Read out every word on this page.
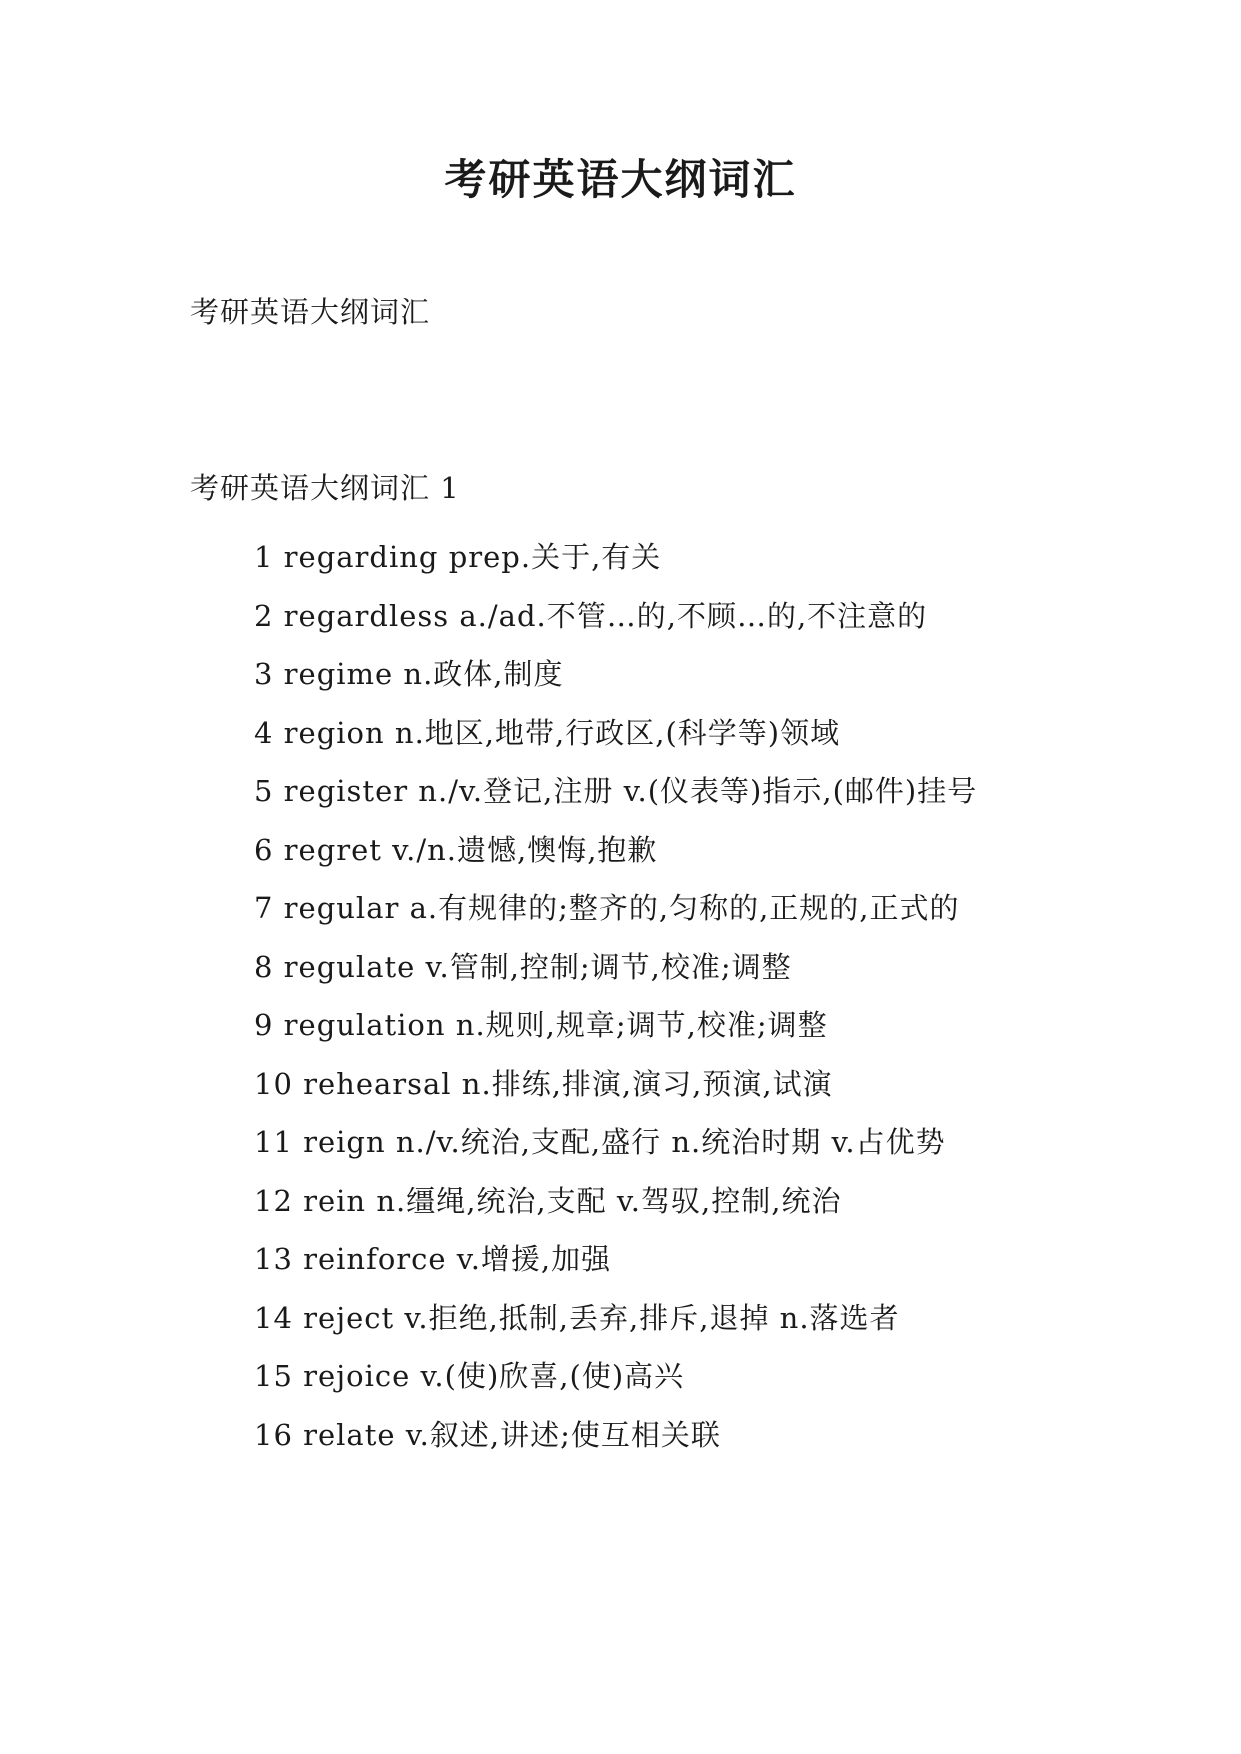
考研英语大纲词汇
考研英语大纲词汇
考研英语大纲词汇 1
1 regarding prep.关于,有关
2 regardless a./ad.不管…的,不顾…的,不注意的
3 regime n.政体,制度
4 region n.地区,地带,行政区,(科学等)领域
5 register n./v.登记,注册 v.(仪表等)指示,(邮件)挂号
6 regret v./n.遗憾,懊悔,抱歉
7 regular a.有规律的;整齐的,匀称的,正规的,正式的
8 regulate v.管制,控制;调节,校准;调整
9 regulation n.规则,规章;调节,校准;调整
10 rehearsal n.排练,排演,演习,预演,试演
11 reign n./v.统治,支配,盛行 n.统治时期 v.占优势
12 rein n.缰绳,统治,支配 v.驾驭,控制,统治
13 reinforce v.增援,加强
14 reject v.拒绝,抵制,丢弃,排斥,退掉 n.落选者
15 rejoice v.(使)欣喜,(使)高兴
16 relate v.叙述,讲述;使互相关联
